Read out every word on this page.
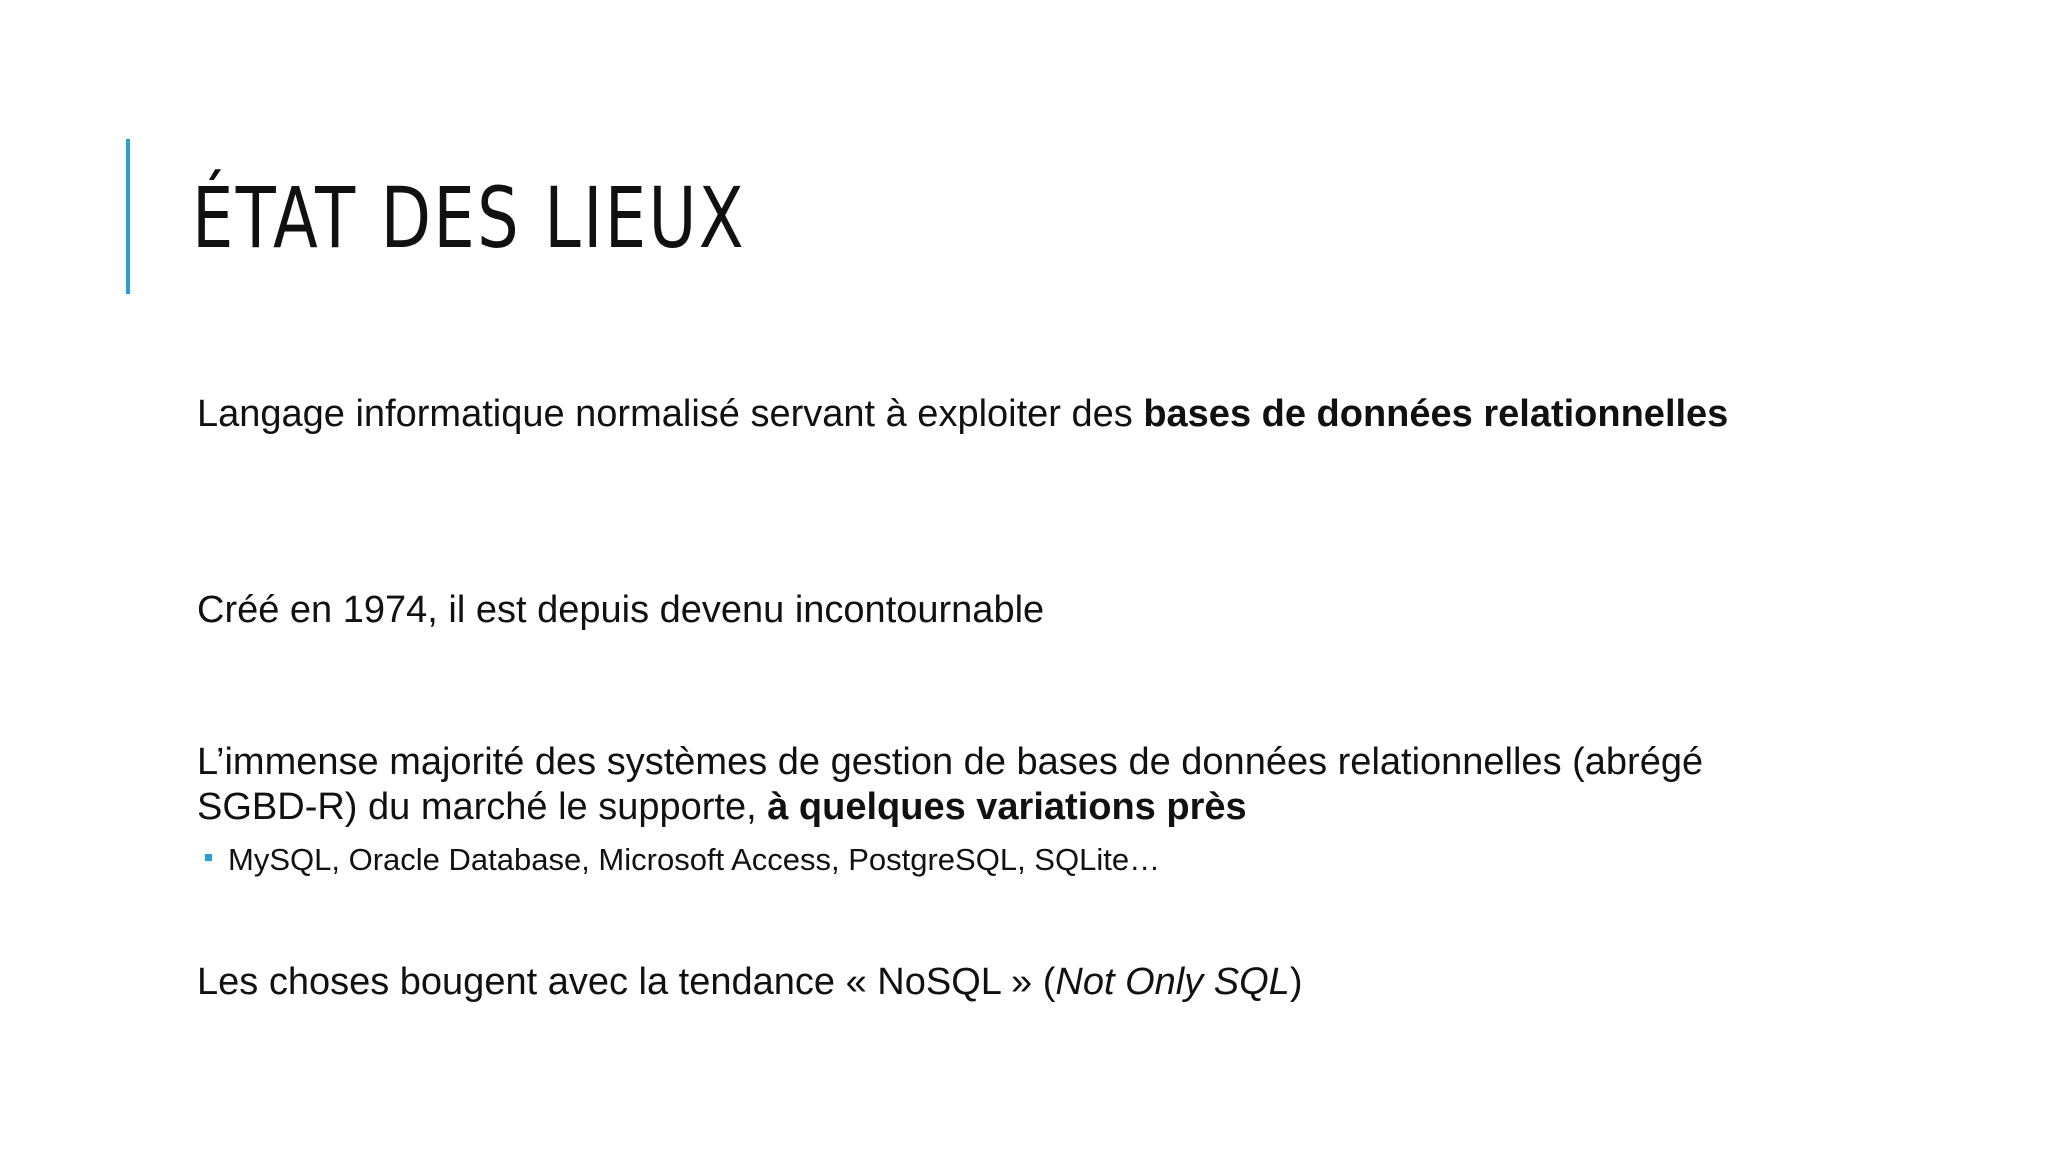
ÉTAT DES LIEUX

Langage informatique normalisé servant à exploiter des bases de données relationnelles

Créé en 1974, il est depuis devenu incontournable

L’immense majorité des systèmes de gestion de bases de données relationnelles (abrégé SGBD-R) du marché le supporte, à quelques variations près

MySQL, Oracle Database, Microsoft Access, PostgreSQL, SQLite…

Les choses bougent avec la tendance « NoSQL » (Not Only SQL)
